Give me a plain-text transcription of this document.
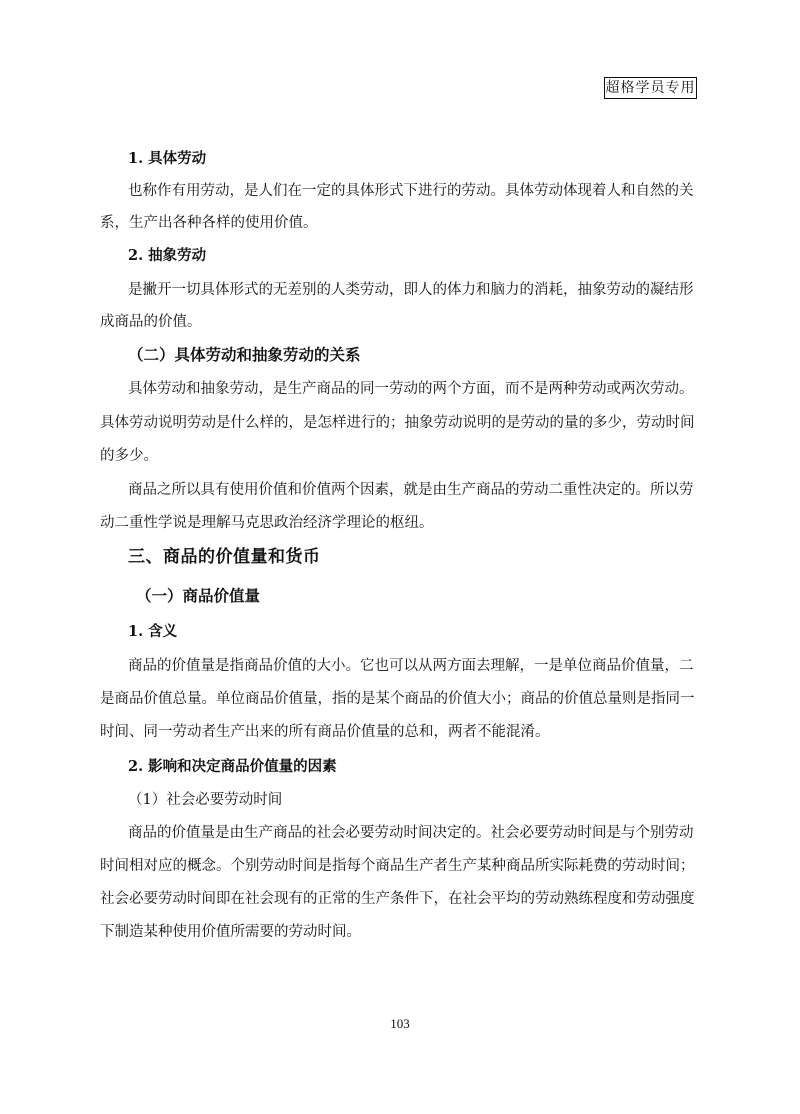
超格学员专用
1. 具体劳动
也称作有用劳动，是人们在一定的具体形式下进行的劳动。具体劳动体现着人和自然的关
系，生产出各种各样的使用价值。
2. 抽象劳动
是撇开一切具体形式的无差别的人类劳动，即人的体力和脑力的消耗，抽象劳动的凝结形
成商品的价值。
（二）具体劳动和抽象劳动的关系
具体劳动和抽象劳动，是生产商品的同一劳动的两个方面，而不是两种劳动或两次劳动。
具体劳动说明劳动是什么样的，是怎样进行的；抽象劳动说明的是劳动的量的多少，劳动时间
的多少。
商品之所以具有使用价值和价值两个因素，就是由生产商品的劳动二重性决定的。所以劳
动二重性学说是理解马克思政治经济学理论的枢纽。
三、商品的价值量和货币
（一）商品价值量
1. 含义
商品的价值量是指商品价值的大小。它也可以从两方面去理解，一是单位商品价值量，二
是商品价值总量。单位商品价值量，指的是某个商品的价值大小；商品的价值总量则是指同一
时间、同一劳动者生产出来的所有商品价值量的总和，两者不能混淆。
2. 影响和决定商品价值量的因素
（1）社会必要劳动时间
商品的价值量是由生产商品的社会必要劳动时间决定的。社会必要劳动时间是与个别劳动
时间相对应的概念。个别劳动时间是指每个商品生产者生产某种商品所实际耗费的劳动时间；
社会必要劳动时间即在社会现有的正常的生产条件下，在社会平均的劳动熟练程度和劳动强度
下制造某种使用价值所需要的劳动时间。
103
